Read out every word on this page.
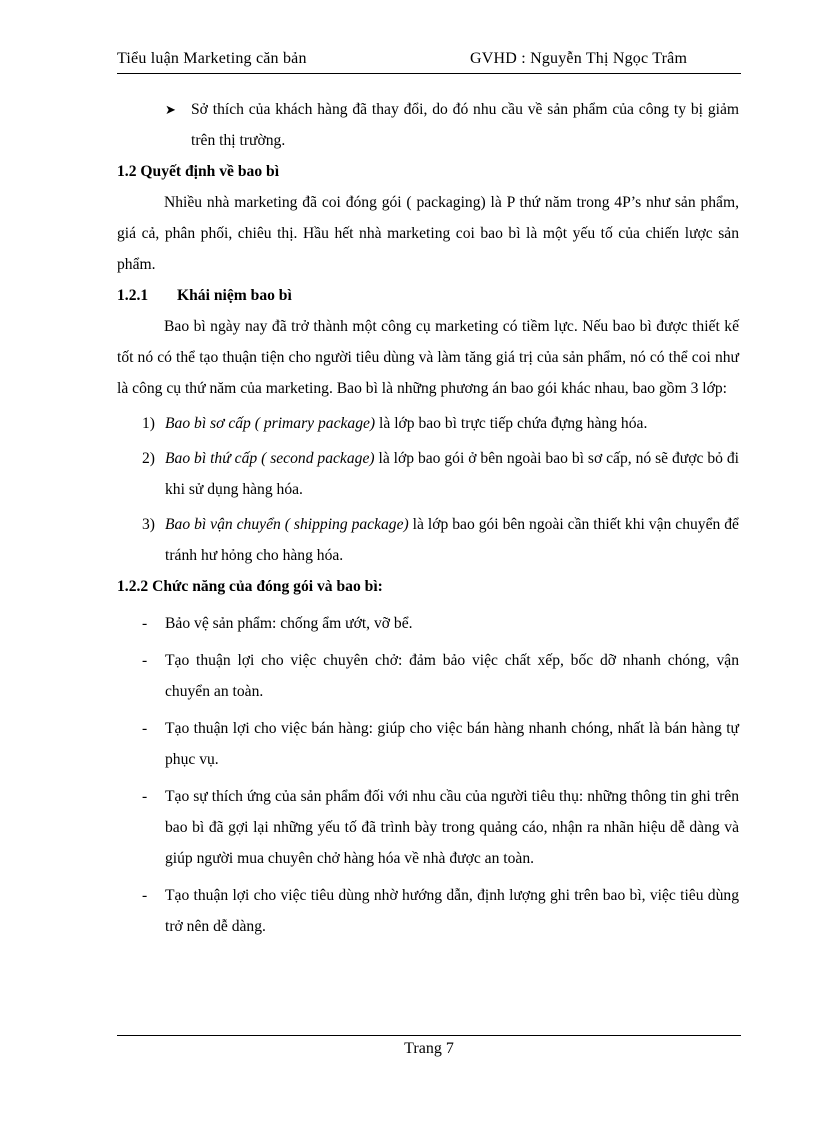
Tiểu luận Marketing căn bản	GVHD : Nguyễn Thị Ngọc Trâm
➤ Sở thích của khách hàng đã thay đổi, do đó nhu cầu về sản phẩm của công ty bị giảm trên thị trường.

1.2 Quyết định về bao bì

Nhiều nhà marketing đã coi đóng gói ( packaging) là P thứ năm trong 4P’s như sản phẩm, giá cả, phân phối, chiêu thị. Hầu hết nhà marketing coi bao bì là một yếu tố của chiến lược sản phẩm.

1.2.1 Khái niệm bao bì

Bao bì ngày nay đã trở thành một công cụ marketing có tiềm lực. Nếu bao bì được thiết kế tốt nó có thể tạo thuận tiện cho người tiêu dùng và làm tăng giá trị của sản phẩm, nó có thể coi như là công cụ thứ năm của marketing. Bao bì là những phương án bao gói khác nhau, bao gồm 3 lớp:

1) Bao bì sơ cấp ( primary package) là lớp bao bì trực tiếp chứa đựng hàng hóa.
2) Bao bì thứ cấp ( second package) là lớp bao gói ở bên ngoài bao bì sơ cấp, nó sẽ được bỏ đi khi sử dụng hàng hóa.
3) Bao bì vận chuyển ( shipping package) là lớp bao gói bên ngoài cần thiết khi vận chuyển để tránh hư hỏng cho hàng hóa.

1.2.2 Chức năng của đóng gói và bao bì:

-	Bảo vệ sản phẩm: chống ẩm ướt, vỡ bể.
-	Tạo thuận lợi cho việc chuyên chở: đảm bảo việc chất xếp, bốc dỡ nhanh chóng, vận chuyển an toàn.
-	Tạo thuận lợi cho việc bán hàng: giúp cho việc bán hàng nhanh chóng, nhất là bán hàng tự phục vụ.
-	Tạo sự thích ứng của sản phẩm đối với nhu cầu của người tiêu thụ: những thông tin ghi trên bao bì đã gợi lại những yếu tố đã trình bày trong quảng cáo, nhận ra nhãn hiệu dễ dàng và giúp người mua chuyên chở hàng hóa về nhà được an toàn.
-	Tạo thuận lợi cho việc tiêu dùng nhờ hướng dẫn, định lượng ghi trên bao bì, việc tiêu dùng trở nên dễ dàng.
Trang 7
